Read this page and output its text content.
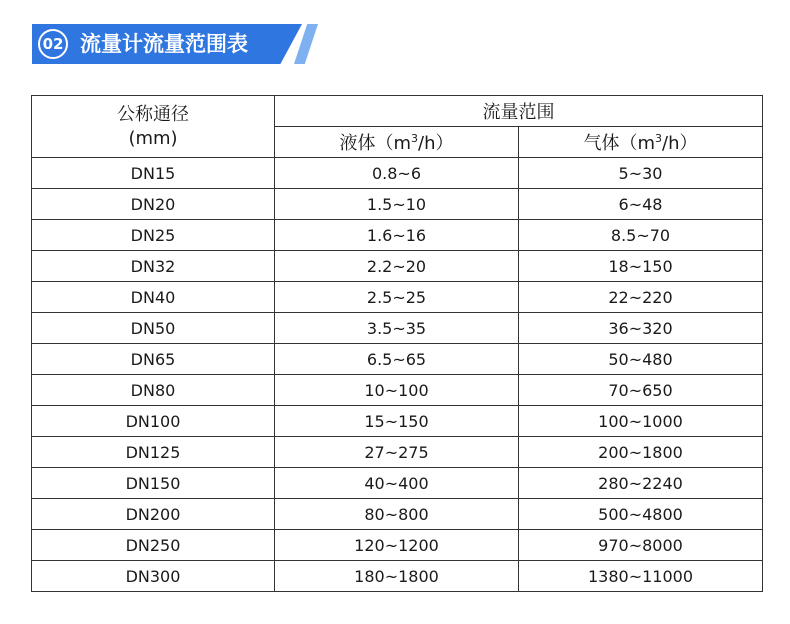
02 流量计流量范围表
公称通径
(mm)	流量范围	
	液体$(m^3/h)$	气体$(m^3/h)$
DN15	0.8~6	5~30
DN20	1.5~10	6~48
DN25	1.6~16	8.5~70
DN32	2.2~20	18~150
DN40	2.5~25	22~220
DN50	3.5~35	36~320
DN65	6.5~65	50~480
DN80	10~100	70~650
DN100	15~150	100~1000
DN125	27~275	200~1800
DN150	40~400	280~2240
DN200	80~800	500~4800
DN250	120~1200	970~8000
DN300	180~1800	1380~11000
